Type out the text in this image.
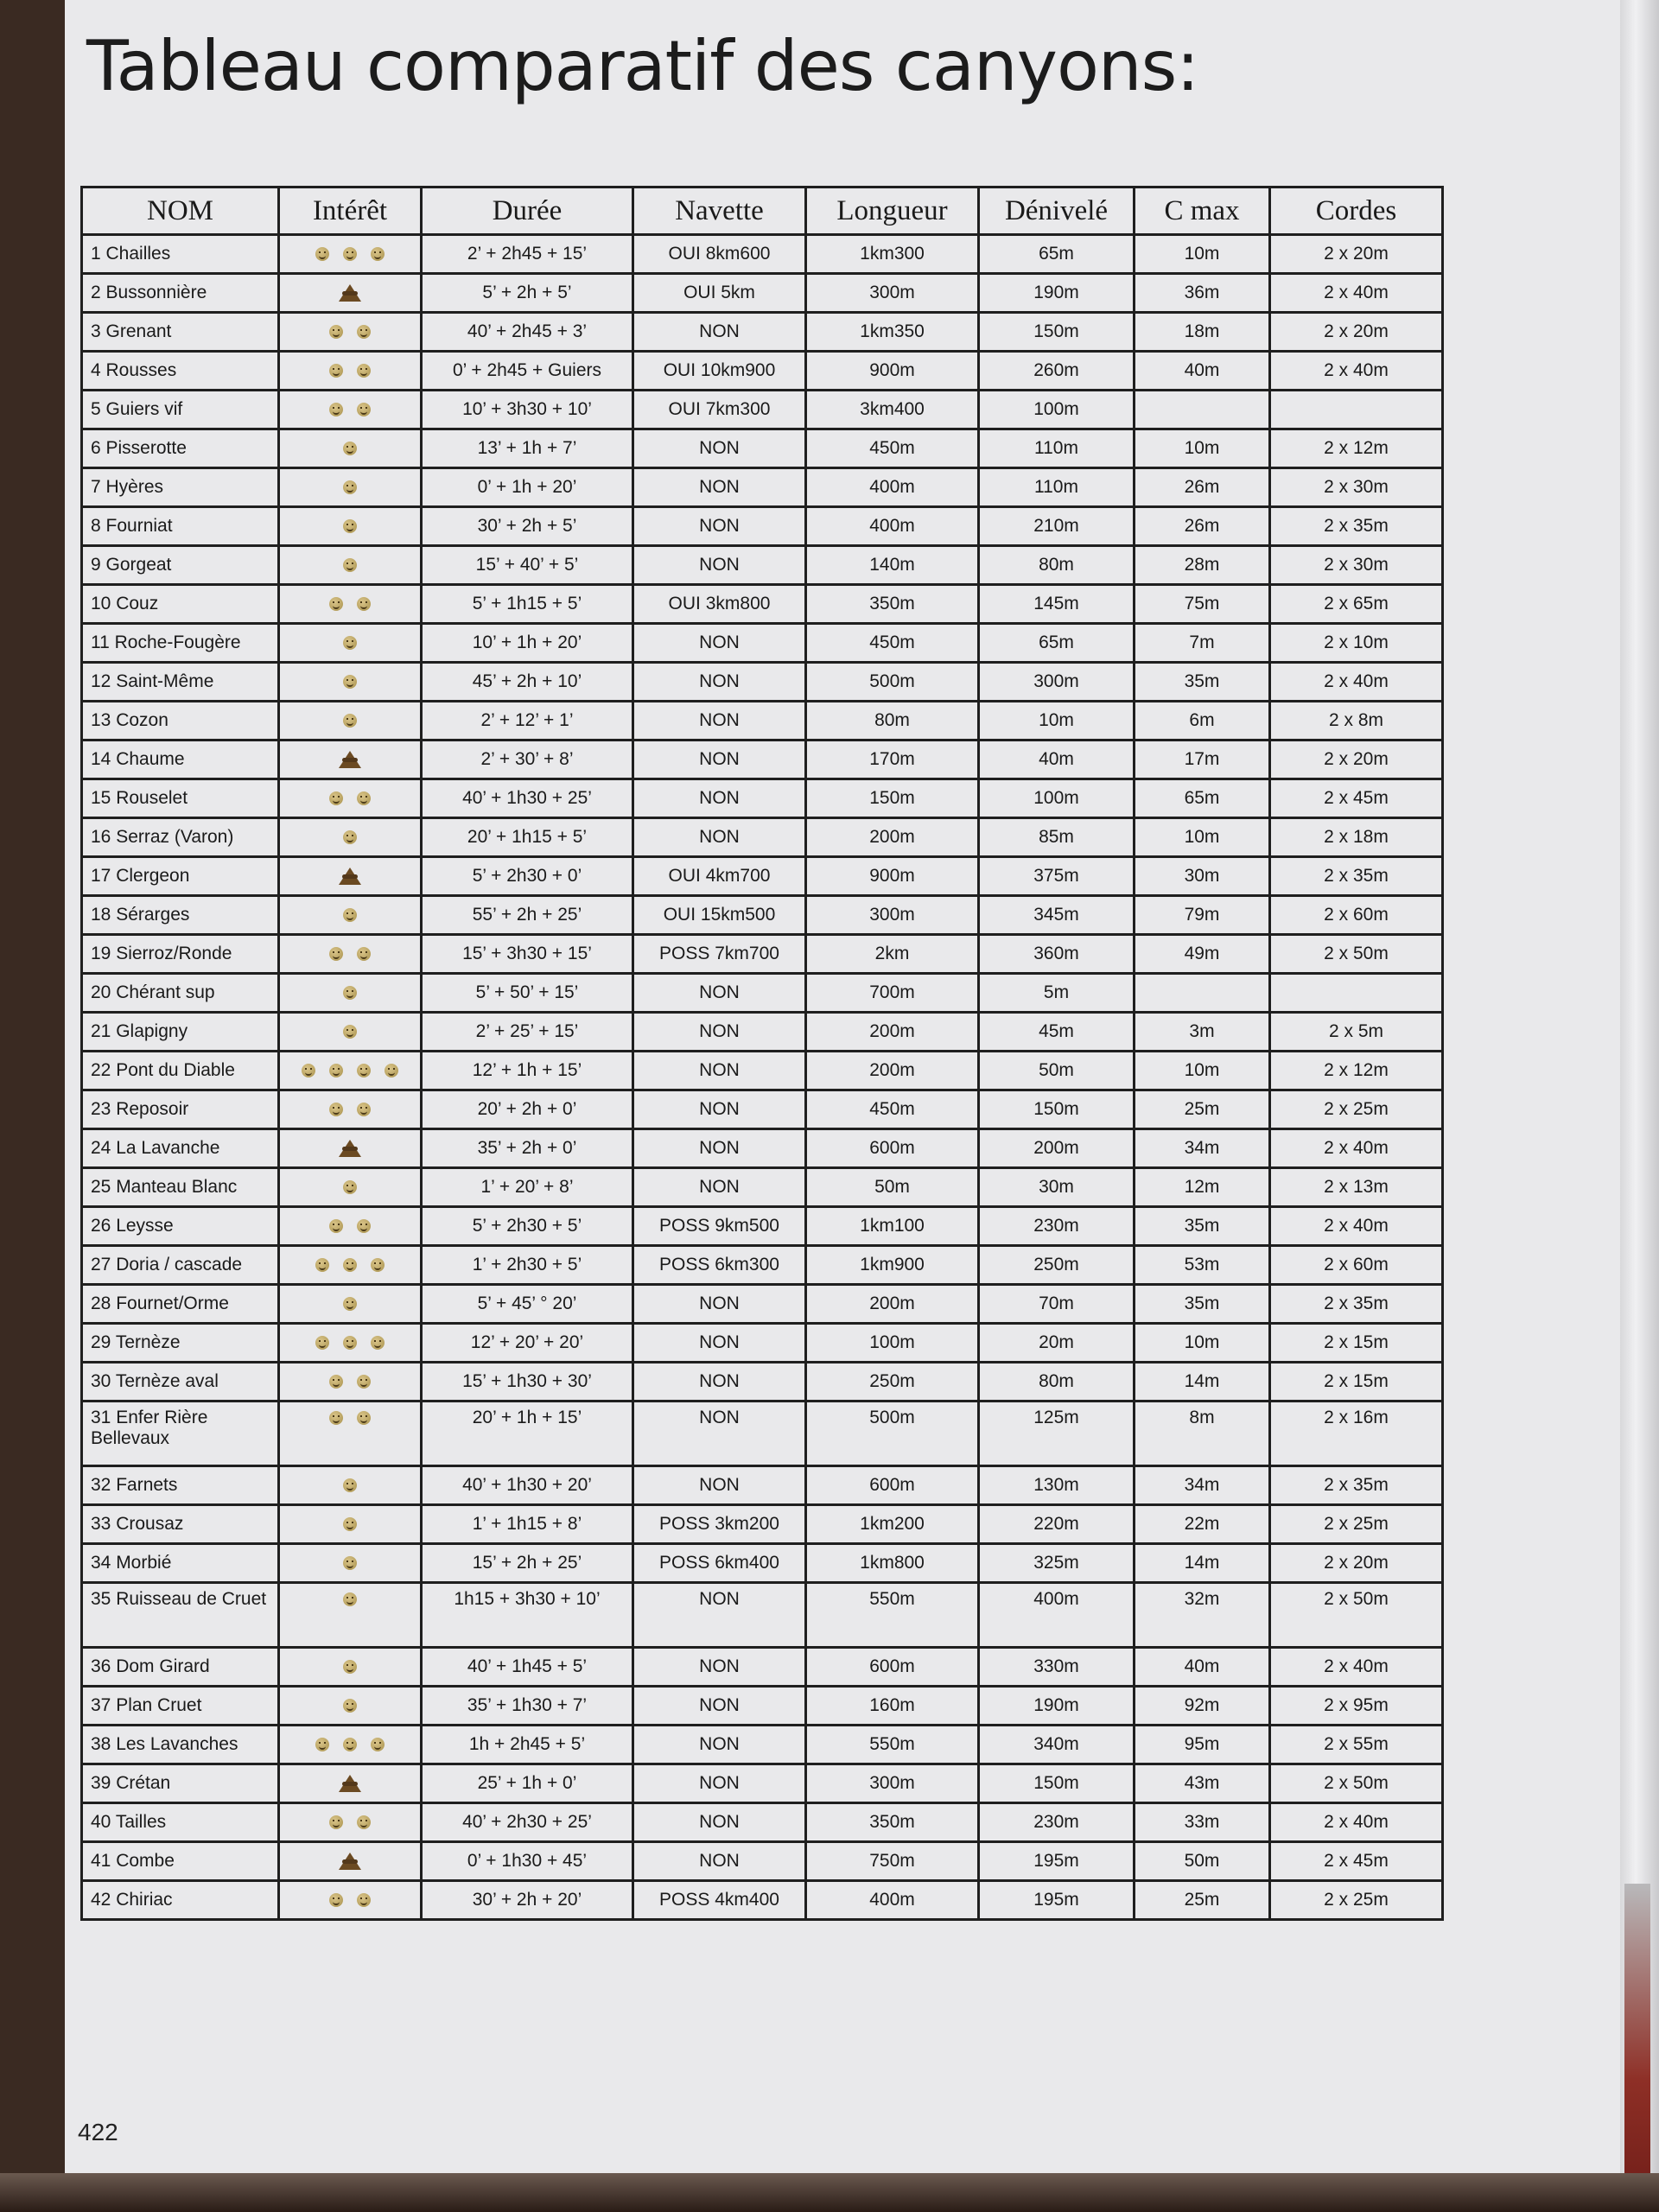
Tableau comparatif des canyons:
NOM	Intérêt	Durée	Navette	Longueur	Dénivelé	C max	Cordes
1 Chailles		2’ + 2h45 + 15’	OUI 8km600	1km300	65m	10m	2 x 20m
2 Bussonnière		5’ + 2h + 5’	OUI 5km	300m	190m	36m	2 x 40m
3 Grenant		40’ + 2h45 + 3’	NON	1km350	150m	18m	2 x 20m
4 Rousses		0’ + 2h45 + Guiers	OUI 10km900	900m	260m	40m	2 x 40m
5 Guiers vif		10’ + 3h30 + 10’	OUI 7km300	3km400	100m		
6 Pisserotte		13’ + 1h + 7’	NON	450m	110m	10m	2 x 12m
7 Hyères		0’ + 1h + 20’	NON	400m	110m	26m	2 x 30m
8 Fourniat		30’ + 2h + 5’	NON	400m	210m	26m	2 x 35m
9 Gorgeat		15’ + 40’ + 5’	NON	140m	80m	28m	2 x 30m
10 Couz		5’ + 1h15 + 5’	OUI 3km800	350m	145m	75m	2 x 65m
11 Roche-Fougère		10’ + 1h + 20’	NON	450m	65m	7m	2 x 10m
12 Saint-Même		45’ + 2h + 10’	NON	500m	300m	35m	2 x 40m
13 Cozon		2’ + 12’ + 1’	NON	80m	10m	6m	2 x 8m
14 Chaume		2’ + 30’ + 8’	NON	170m	40m	17m	2 x 20m
15 Rouselet		40’ + 1h30 + 25’	NON	150m	100m	65m	2 x 45m
16 Serraz (Varon)		20’ + 1h15 + 5’	NON	200m	85m	10m	2 x 18m
17 Clergeon		5’ + 2h30 + 0’	OUI 4km700	900m	375m	30m	2 x 35m
18 Sérarges		55’ + 2h + 25’	OUI 15km500	300m	345m	79m	2 x 60m
19 Sierroz/Ronde		15’ + 3h30 + 15’	POSS 7km700	2km	360m	49m	2 x 50m
20 Chérant sup		5’ + 50’ + 15’	NON	700m	5m		
21 Glapigny		2’ + 25’ + 15’	NON	200m	45m	3m	2 x 5m
22 Pont du Diable		12’ + 1h + 15’	NON	200m	50m	10m	2 x 12m
23 Reposoir		20’ + 2h + 0’	NON	450m	150m	25m	2 x 25m
24 La Lavanche		35’ + 2h + 0’	NON	600m	200m	34m	2 x 40m
25 Manteau Blanc		1’ + 20’ + 8’	NON	50m	30m	12m	2 x 13m
26 Leysse		5’ + 2h30 + 5’	POSS 9km500	1km100	230m	35m	2 x 40m
27 Doria / cascade		1’ + 2h30 + 5’	POSS 6km300	1km900	250m	53m	2 x 60m
28 Fournet/Orme		5’ + 45’ ° 20’	NON	200m	70m	35m	2 x 35m
29 Ternèze		12’ + 20’ + 20’	NON	100m	20m	10m	2 x 15m
30 Ternèze aval		15’ + 1h30 + 30’	NON	250m	80m	14m	2 x 15m
31 Enfer Rière Bellevaux		20’ + 1h + 15’	NON	500m	125m	8m	2 x 16m
32 Farnets		40’ + 1h30 + 20’	NON	600m	130m	34m	2 x 35m
33 Crousaz		1’ + 1h15 + 8’	POSS 3km200	1km200	220m	22m	2 x 25m
34 Morbié		15’ + 2h + 25’	POSS 6km400	1km800	325m	14m	2 x 20m
35 Ruisseau de Cruet		1h15 + 3h30 + 10’	NON	550m	400m	32m	2 x 50m
36 Dom Girard		40’ + 1h45 + 5’	NON	600m	330m	40m	2 x 40m
37 Plan Cruet		35’ + 1h30 + 7’	NON	160m	190m	92m	2 x 95m
38 Les Lavanches		1h + 2h45 + 5’	NON	550m	340m	95m	2 x 55m
39 Crétan		25’ + 1h + 0’	NON	300m	150m	43m	2 x 50m
40 Tailles		40’ + 2h30 + 25’	NON	350m	230m	33m	2 x 40m
41 Combe		0’ + 1h30 + 45’	NON	750m	195m	50m	2 x 45m
42 Chiriac		30’ + 2h + 20’	POSS 4km400	400m	195m	25m	2 x 25m
422
